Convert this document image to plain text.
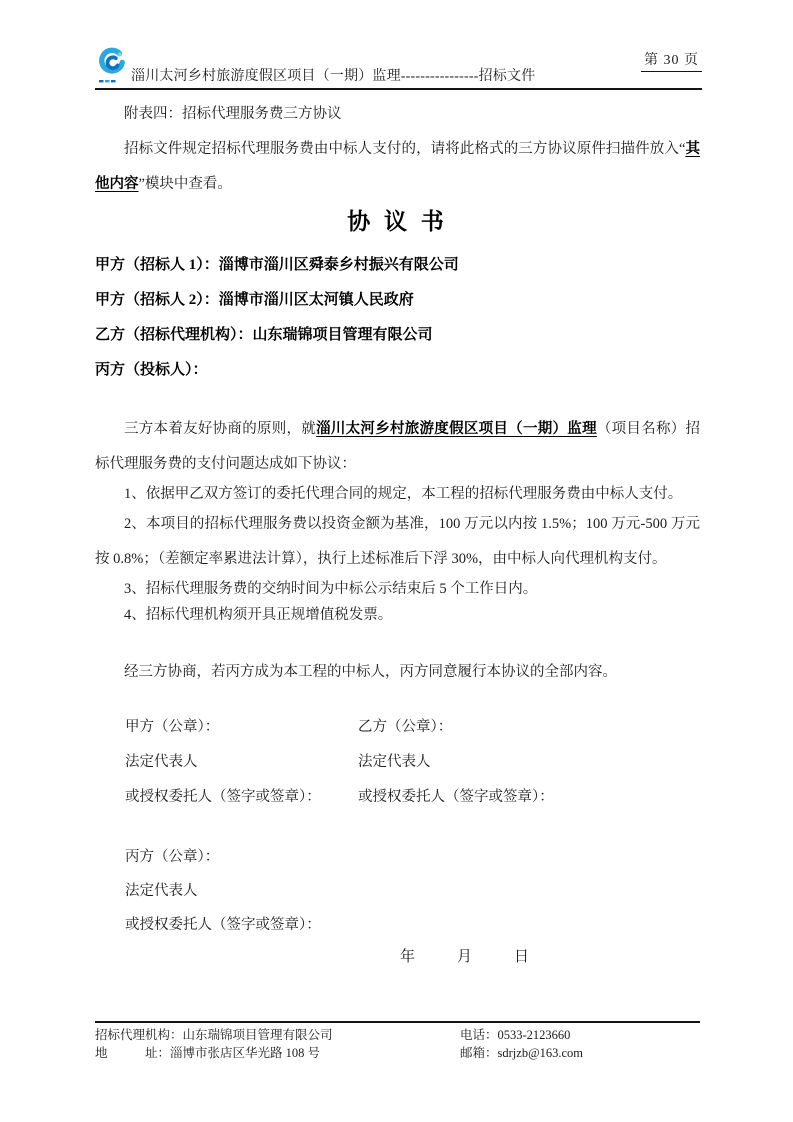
淄川太河乡村旅游度假区项目（一期）监理----------------招标文件
第 30 页
附表四：招标代理服务费三方协议

招标文件规定招标代理服务费由中标人支付的，请将此格式的三方协议原件扫描件放入“其他内容”模块中查看。

协 议 书
甲方（招标人 1）：淄博市淄川区舜泰乡村振兴有限公司
甲方（招标人 2）：淄博市淄川区太河镇人民政府
乙方（招标代理机构）：山东瑞锦项目管理有限公司
丙方（投标人）：

三方本着友好协商的原则，就淄川太河乡村旅游度假区项目（一期）监理（项目名称）招标代理服务费的支付问题达成如下协议：

1、依据甲乙双方签订的委托代理合同的规定，本工程的招标代理服务费由中标人支付。

2、本项目的招标代理服务费以投资金额为基准，100 万元以内按 1.5%；100 万元-500 万元按 0.8%；（差额定率累进法计算），执行上述标准后下浮 30%，由中标人向代理机构支付。

3、招标代理服务费的交纳时间为中标公示结束后 5 个工作日内。

4、招标代理机构须开具正规增值税发票。

经三方协商，若丙方成为本工程的中标人，丙方同意履行本协议的全部内容。

甲方（公章）：	乙方（公章）：
法定代表人	法定代表人
或授权委托人（签字或签章）：	或授权委托人（签字或签章）：
丙方（公章）：
法定代表人
或授权委托人（签字或签章）：
年　　月　　日
招标代理机构：山东瑞锦项目管理有限公司	电话：0533-2123660
地　　　址：淄博市张店区华光路 108 号	邮箱：sdrjzb@163.com
